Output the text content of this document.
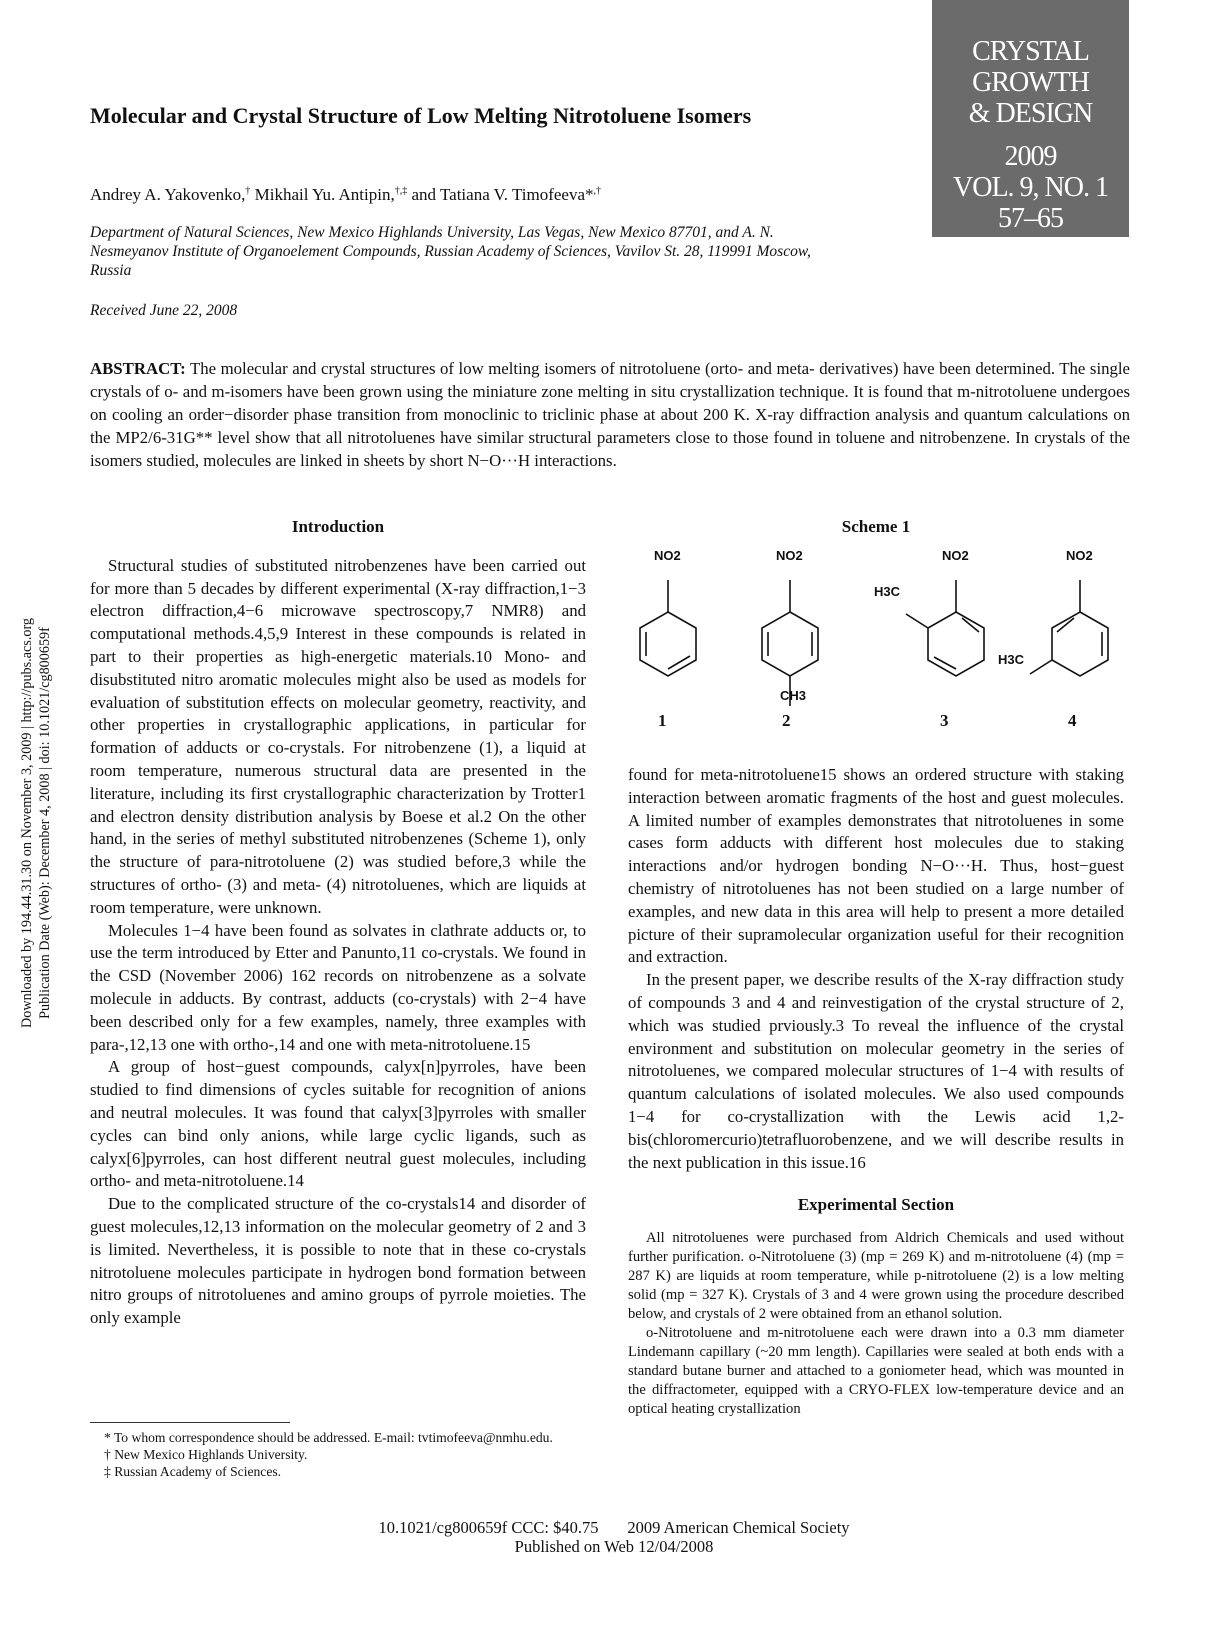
CRYSTAL
GROWTH
& DESIGN
2009
VOL. 9, NO. 1
57–65
Molecular and Crystal Structure of Low Melting Nitrotoluene Isomers
Andrey A. Yakovenko,† Mikhail Yu. Antipin,†,‡ and Tatiana V. Timofeeva*,†
Department of Natural Sciences, New Mexico Highlands University, Las Vegas, New Mexico 87701, and A. N. Nesmeyanov Institute of Organoelement Compounds, Russian Academy of Sciences, Vavilov St. 28, 119991 Moscow, Russia
Received June 22, 2008
ABSTRACT: The molecular and crystal structures of low melting isomers of nitrotoluene (orto- and meta- derivatives) have been determined. The single crystals of o- and m-isomers have been grown using the miniature zone melting in situ crystallization technique. It is found that m-nitrotoluene undergoes on cooling an order−disorder phase transition from monoclinic to triclinic phase at about 200 K. X-ray diffraction analysis and quantum calculations on the MP2/6-31G** level show that all nitrotoluenes have similar structural parameters close to those found in toluene and nitrobenzene. In crystals of the isomers studied, molecules are linked in sheets by short N−O···H interactions.
Downloaded by 194.44.31.30 on November 3, 2009 | http://pubs.acs.org Publication Date (Web): December 4, 2008 | doi: 10.1021/cg800659f
Introduction

Structural studies of substituted nitrobenzenes have been carried out for more than 5 decades by different experimental (X-ray diffraction,1−3 electron diffraction,4−6 microwave spectroscopy,7 NMR8) and computational methods.4,5,9 Interest in these compounds is related in part to their properties as high-energetic materials.10 Mono- and disubstituted nitro aromatic molecules might also be used as models for evaluation of substitution effects on molecular geometry, reactivity, and other properties in crystallographic applications, in particular for formation of adducts or co-crystals. For nitrobenzene (1), a liquid at room temperature, numerous structural data are presented in the literature, including its first crystallographic characterization by Trotter1 and electron density distribution analysis by Boese et al.2 On the other hand, in the series of methyl substituted nitrobenzenes (Scheme 1), only the structure of para-nitrotoluene (2) was studied before,3 while the structures of ortho- (3) and meta- (4) nitrotoluenes, which are liquids at room temperature, were unknown.

Molecules 1−4 have been found as solvates in clathrate adducts or, to use the term introduced by Etter and Panunto,11 co-crystals. We found in the CSD (November 2006) 162 records on nitrobenzene as a solvate molecule in adducts. By contrast, adducts (co-crystals) with 2−4 have been described only for a few examples, namely, three examples with para-,12,13 one with ortho-,14 and one with meta-nitrotoluene.15

A group of host−guest compounds, calyx[n]pyrroles, have been studied to find dimensions of cycles suitable for recognition of anions and neutral molecules. It was found that calyx[3]pyrroles with smaller cycles can bind only anions, while large cyclic ligands, such as calyx[6]pyrroles, can host different neutral guest molecules, including ortho- and meta-nitrotoluene.14

Due to the complicated structure of the co-crystals14 and disorder of guest molecules,12,13 information on the molecular geometry of 2 and 3 is limited. Nevertheless, it is possible to note that in these co-crystals nitrotoluene molecules participate in hydrogen bond formation between nitro groups of nitrotoluenes and amino groups of pyrrole moieties. The only example

* To whom correspondence should be addressed. E-mail: tvtimofeeva@nmhu.edu.
† New Mexico Highlands University.
‡ Russian Academy of Sciences.
Scheme 1
NO2	NO2	NO2	NO2
CH3
H3C
H3C
1	2	3	4

found for meta-nitrotoluene15 shows an ordered structure with staking interaction between aromatic fragments of the host and guest molecules. A limited number of examples demonstrates that nitrotoluenes in some cases form adducts with different host molecules due to staking interactions and/or hydrogen bonding N−O···H. Thus, host−guest chemistry of nitrotoluenes has not been studied on a large number of examples, and new data in this area will help to present a more detailed picture of their supramolecular organization useful for their recognition and extraction.

In the present paper, we describe results of the X-ray diffraction study of compounds 3 and 4 and reinvestigation of the crystal structure of 2, which was studied prviously.3 To reveal the influence of the crystal environment and substitution on molecular geometry in the series of nitrotoluenes, we compared molecular structures of 1−4 with results of quantum calculations of isolated molecules. We also used compounds 1−4 for co-crystallization with the Lewis acid 1,2-bis(chloromercurio)tetrafluorobenzene, and we will describe results in the next publication in this issue.16

Experimental Section

All nitrotoluenes were purchased from Aldrich Chemicals and used without further purification. o-Nitrotoluene (3) (mp = 269 K) and m-nitrotoluene (4) (mp = 287 K) are liquids at room temperature, while p-nitrotoluene (2) is a low melting solid (mp = 327 K). Crystals of 3 and 4 were grown using the procedure described below, and crystals of 2 were obtained from an ethanol solution.

o-Nitrotoluene and m-nitrotoluene each were drawn into a 0.3 mm diameter Lindemann capillary (~20 mm length). Capillaries were sealed at both ends with a standard butane burner and attached to a goniometer head, which was mounted in the diffractometer, equipped with a CRYO-FLEX low-temperature device and an optical heating crystallization

10.1021/cg800659f CCC: $40.75       2009 American Chemical Society
Published on Web 12/04/2008
